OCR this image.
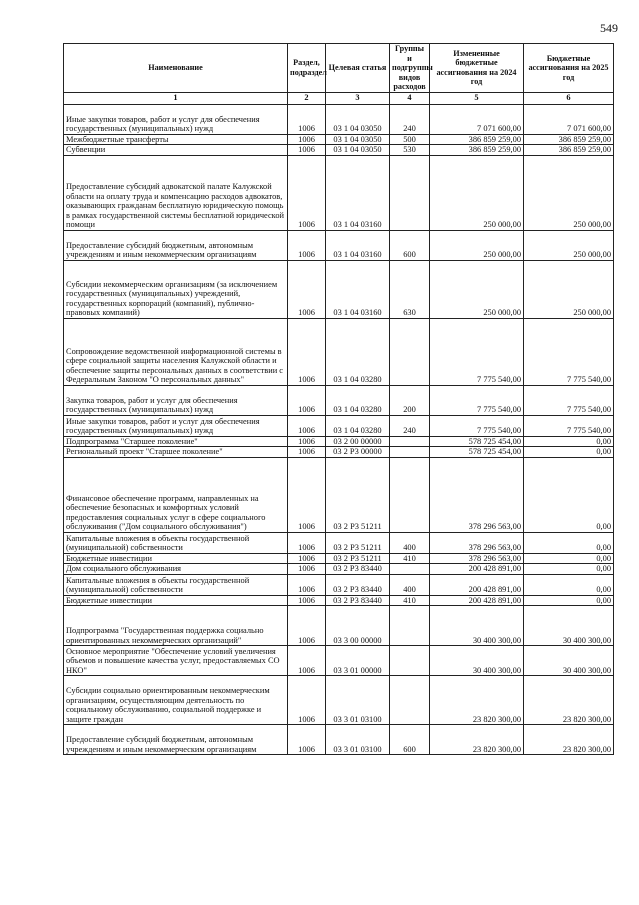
549
Наименование	Раздел, подраздел	Целевая статья	Группы и подгруппы видов расходов	Измененные бюджетные ассигнования на 2024 год	Бюджетные ассигнования на 2025 год
1	2	3	4	5	6
Иные закупки товаров, работ и услуг для обеспечения государственных (муниципальных) нужд	1006	03 1 04 03050	240	7 071 600,00	7 071 600,00
Межбюджетные трансферты	1006	03 1 04 03050	500	386 859 259,00	386 859 259,00
Субвенции	1006	03 1 04 03050	530	386 859 259,00	386 859 259,00
Предоставление субсидий адвокатской палате Калужской области на оплату труда и компенсацию расходов адвокатов, оказывающих гражданам бесплатную юридическую помощь в рамках государственной системы бесплатной юридической помощи	1006	03 1 04 03160		250 000,00	250 000,00
Предоставление субсидий бюджетным, автономным учреждениям и иным некоммерческим организациям	1006	03 1 04 03160	600	250 000,00	250 000,00
Субсидии некоммерческим организациям (за исключением государственных (муниципальных) учреждений, государственных корпораций (компаний), публично-правовых компаний)	1006	03 1 04 03160	630	250 000,00	250 000,00
Сопровождение ведомственной информационной системы в сфере социальной защиты населения Калужской области и обеспечение защиты персональных данных в соответствии с Федеральным Законом "О персональных данных"	1006	03 1 04 03280		7 775 540,00	7 775 540,00
Закупка товаров, работ и услуг для обеспечения государственных (муниципальных) нужд	1006	03 1 04 03280	200	7 775 540,00	7 775 540,00
Иные закупки товаров, работ и услуг для обеспечения государственных (муниципальных) нужд	1006	03 1 04 03280	240	7 775 540,00	7 775 540,00
Подпрограмма "Старшее поколение"	1006	03 2 00 00000		578 725 454,00	0,00
Региональный проект "Старшее поколение"	1006	03 2 P3 00000		578 725 454,00	0,00
Финансовое обеспечение программ, направленных на обеспечение безопасных и комфортных условий предоставления социальных услуг в сфере социального обслуживания ("Дом социального обслуживания")	1006	03 2 P3 51211		378 296 563,00	0,00
Капитальные вложения в объекты государственной (муниципальной) собственности	1006	03 2 P3 51211	400	378 296 563,00	0,00
Бюджетные инвестиции	1006	03 2 P3 51211	410	378 296 563,00	0,00
Дом социального обслуживания	1006	03 2 P3 83440		200 428 891,00	0,00
Капитальные вложения в объекты государственной (муниципальной) собственности	1006	03 2 P3 83440	400	200 428 891,00	0,00
Бюджетные инвестиции	1006	03 2 P3 83440	410	200 428 891,00	0,00
Подпрограмма "Государственная поддержка социально ориентированных некоммерческих организаций"	1006	03 3 00 00000		30 400 300,00	30 400 300,00
Основное мероприятие "Обеспечение условий увеличения объемов и повышение качества услуг, предоставляемых СО НКО"	1006	03 3 01 00000		30 400 300,00	30 400 300,00
Субсидии социально ориентированным некоммерческим организациям, осуществляющим деятельность по социальному обслуживанию, социальной поддержке и защите граждан	1006	03 3 01 03100		23 820 300,00	23 820 300,00
Предоставление субсидий бюджетным, автономным учреждениям и иным некоммерческим организациям	1006	03 3 01 03100	600	23 820 300,00	23 820 300,00
